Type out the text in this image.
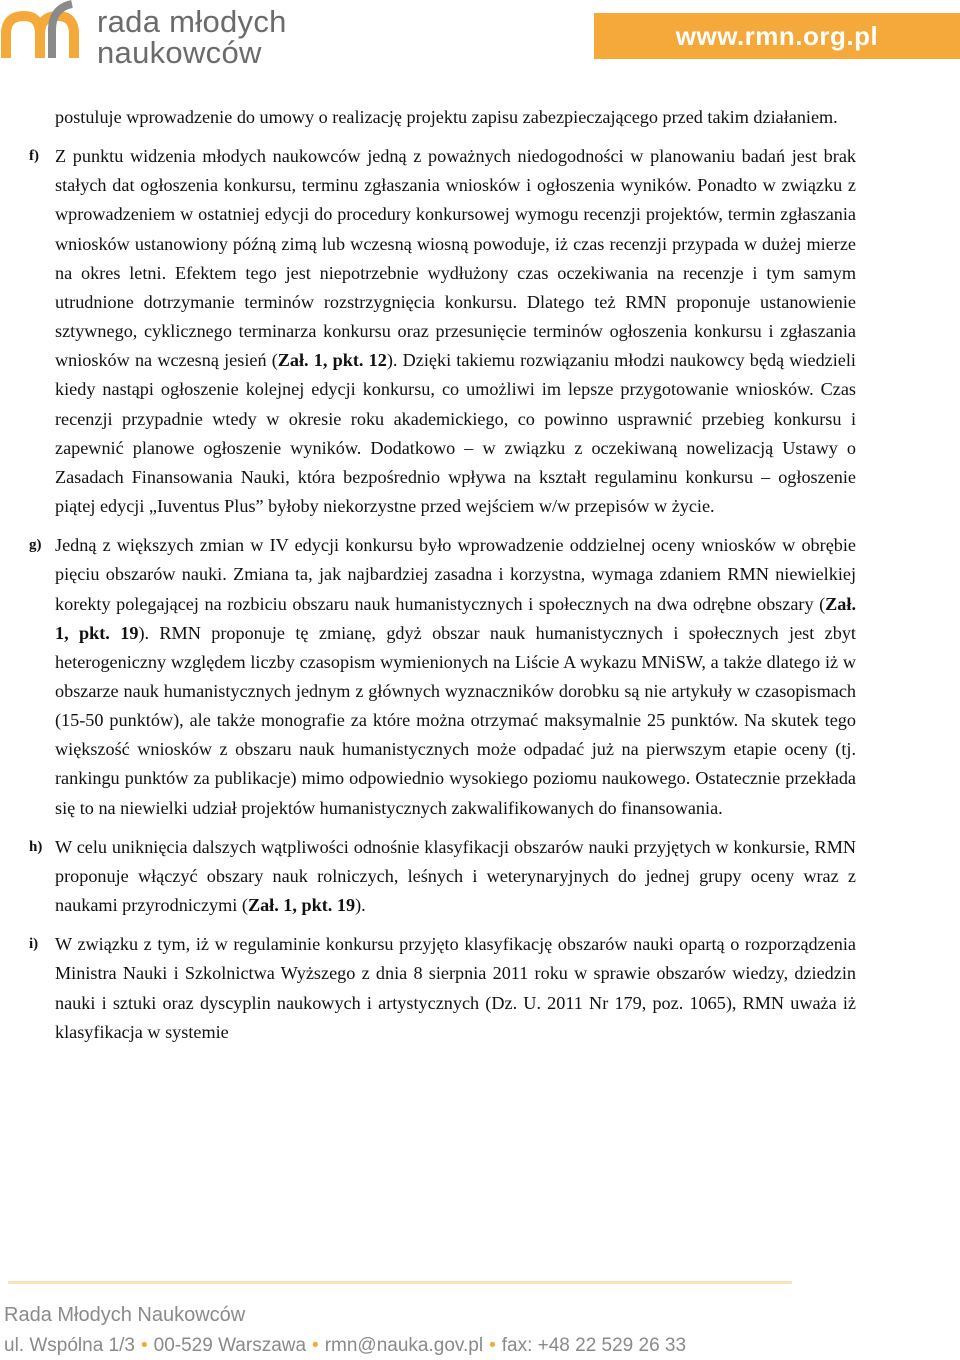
rada młodych
naukowców	www.rmn.org.pl

postuluje wprowadzenie do umowy o realizację projektu zapisu zabezpieczającego przed takim działaniem.

f) Z punktu widzenia młodych naukowców jedną z poważnych niedogodności w planowaniu badań jest brak stałych dat ogłoszenia konkursu, terminu zgłaszania wniosków i ogłoszenia wyników. Ponadto w związku z wprowadzeniem w ostatniej edycji do procedury konkursowej wymogu recenzji projektów, termin zgłaszania wniosków ustanowiony późną zimą lub wczesną wiosną powoduje, iż czas recenzji przypada w dużej mierze na okres letni. Efektem tego jest niepotrzebnie wydłużony czas oczekiwania na recenzje i tym samym utrudnione dotrzymanie terminów rozstrzygnięcia konkursu. Dlatego też RMN proponuje ustanowienie sztywnego, cyklicznego terminarza konkursu oraz przesunięcie terminów ogłoszenia konkursu i zgłaszania wniosków na wczesną jesień (Zał. 1, pkt. 12). Dzięki takiemu rozwiązaniu młodzi naukowcy będą wiedzieli kiedy nastąpi ogłoszenie kolejnej edycji konkursu, co umożliwi im lepsze przygotowanie wniosków. Czas recenzji przypadnie wtedy w okresie roku akademickiego, co powinno usprawnić przebieg konkursu i zapewnić planowe ogłoszenie wyników. Dodatkowo – w związku z oczekiwaną nowelizacją Ustawy o Zasadach Finansowania Nauki, która bezpośrednio wpływa na kształt regulaminu konkursu – ogłoszenie piątej edycji „Iuventus Plus” byłoby niekorzystne przed wejściem w/w przepisów w życie.

g) Jedną z większych zmian w IV edycji konkursu było wprowadzenie oddzielnej oceny wniosków w obrębie pięciu obszarów nauki. Zmiana ta, jak najbardziej zasadna i korzystna, wymaga zdaniem RMN niewielkiej korekty polegającej na rozbiciu obszaru nauk humanistycznych i społecznych na dwa odrębne obszary (Zał. 1, pkt. 19). RMN proponuje tę zmianę, gdyż obszar nauk humanistycznych i społecznych jest zbyt heterogeniczny względem liczby czasopism wymienionych na Liście A wykazu MNiSW, a także dlatego iż w obszarze nauk humanistycznych jednym z głównych wyznaczników dorobku są nie artykuły w czasopismach (15-50 punktów), ale także monografie za które można otrzymać maksymalnie 25 punktów. Na skutek tego większość wniosków z obszaru nauk humanistycznych może odpadać już na pierwszym etapie oceny (tj. rankingu punktów za publikacje) mimo odpowiednio wysokiego poziomu naukowego. Ostatecznie przekłada się to na niewielki udział projektów humanistycznych zakwalifikowanych do finansowania.

h) W celu uniknięcia dalszych wątpliwości odnośnie klasyfikacji obszarów nauki przyjętych w konkursie, RMN proponuje włączyć obszary nauk rolniczych, leśnych i weterynaryjnych do jednej grupy oceny wraz z naukami przyrodniczymi (Zał. 1, pkt. 19).

i) W związku z tym, iż w regulaminie konkursu przyjęto klasyfikację obszarów nauki opartą o rozporządzenia Ministra Nauki i Szkolnictwa Wyższego z dnia 8 sierpnia 2011 roku w sprawie obszarów wiedzy, dziedzin nauki i sztuki oraz dyscyplin naukowych i artystycznych (Dz. U. 2011 Nr 179, poz. 1065), RMN uważa iż klasyfikacja w systemie

Rada Młodych Naukowców
ul. Wspólna 1/3 • 00-529 Warszawa • rmn@nauka.gov.pl • fax: +48 22 529 26 33
